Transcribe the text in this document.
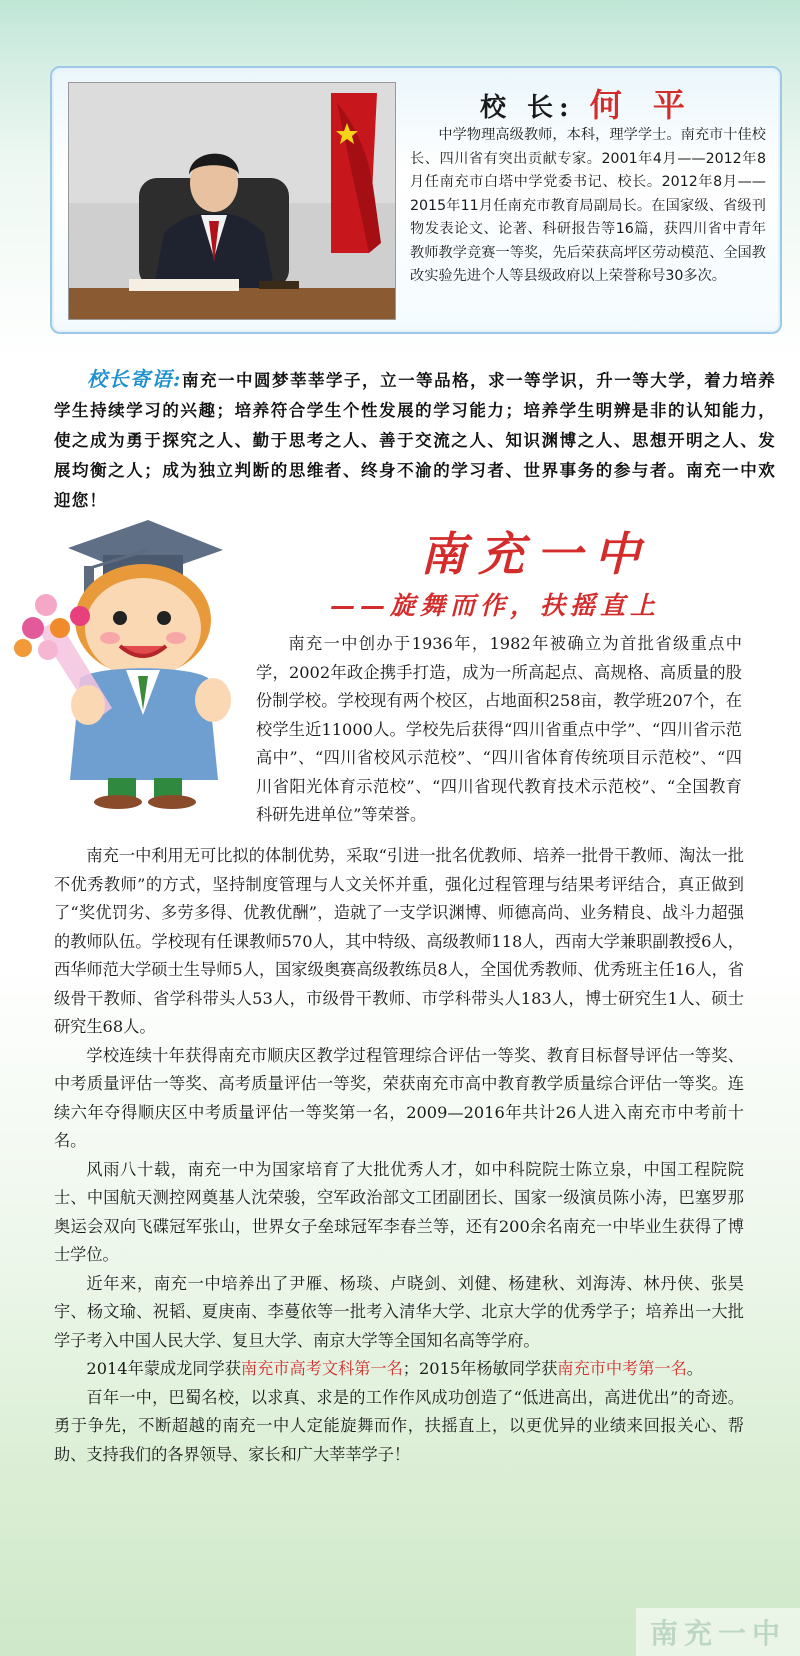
校 长: 何 平
中学物理高级教师，本科，理学学士。南充市十佳校长、四川省有突出贡献专家。2001年4月——2012年8月任南充市白塔中学党委书记、校长。2012年8月——2015年11月任南充市教育局副局长。在国家级、省级刊物发表论文、论著、科研报告等16篇，获四川省中青年教师教学竞赛一等奖，先后荣获高坪区劳动模范、全国教改实验先进个人等县级政府以上荣誉称号30多次。
校长寄语:南充一中圆梦莘莘学子，立一等品格，求一等学识，升一等大学，着力培养学生持续学习的兴趣；培养符合学生个性发展的学习能力；培养学生明辨是非的认知能力，使之成为勇于探究之人、勤于思考之人、善于交流之人、知识渊博之人、思想开明之人、发展均衡之人；成为独立判断的思维者、终身不渝的学习者、世界事务的参与者。南充一中欢迎您！
南充一中
——旋舞而作，扶摇直上
南充一中创办于1936年，1982年被确立为首批省级重点中学，2002年政企携手打造，成为一所高起点、高规格、高质量的股份制学校。学校现有两个校区，占地面积258亩，教学班207个，在校学生近11000人。学校先后获得“四川省重点中学”、“四川省示范高中”、“四川省校风示范校”、“四川省体育传统项目示范校”、“四川省阳光体育示范校”、“四川省现代教育技术示范校”、“全国教育科研先进单位”等荣誉。

南充一中利用无可比拟的体制优势，采取“引进一批名优教师、培养一批骨干教师、淘汰一批不优秀教师”的方式，坚持制度管理与人文关怀并重，强化过程管理与结果考评结合，真正做到了“奖优罚劣、多劳多得、优教优酬”，造就了一支学识渊博、师德高尚、业务精良、战斗力超强的教师队伍。学校现有任课教师570人，其中特级、高级教师118人，西南大学兼职副教授6人，西华师范大学硕士生导师5人，国家级奥赛高级教练员8人，全国优秀教师、优秀班主任16人，省级骨干教师、省学科带头人53人，市级骨干教师、市学科带头人183人，博士研究生1人、硕士研究生68人。

学校连续十年获得南充市顺庆区教学过程管理综合评估一等奖、教育目标督导评估一等奖、中考质量评估一等奖、高考质量评估一等奖，荣获南充市高中教育教学质量综合评估一等奖。连续六年夺得顺庆区中考质量评估一等奖第一名，2009—2016年共计26人进入南充市中考前十名。

风雨八十载，南充一中为国家培育了大批优秀人才，如中科院院士陈立泉，中国工程院院士、中国航天测控网奠基人沈荣骏，空军政治部文工团副团长、国家一级演员陈小涛，巴塞罗那奥运会双向飞碟冠军张山，世界女子垒球冠军李春兰等，还有200余名南充一中毕业生获得了博士学位。

近年来，南充一中培养出了尹雁、杨琰、卢晓剑、刘健、杨建秋、刘海涛、林丹侠、张昊宇、杨文瑜、祝韬、夏庚南、李蔓依等一批考入清华大学、北京大学的优秀学子；培养出一大批学子考入中国人民大学、复旦大学、南京大学等全国知名高等学府。

2014年蒙成龙同学获南充市高考文科第一名；2015年杨敏同学获南充市中考第一名。

百年一中，巴蜀名校，以求真、求是的工作作风成功创造了“低进高出，高进优出”的奇迹。勇于争先，不断超越的南充一中人定能旋舞而作，扶摇直上，以更优异的业绩来回报关心、帮助、支持我们的各界领导、家长和广大莘莘学子！

南充一中
